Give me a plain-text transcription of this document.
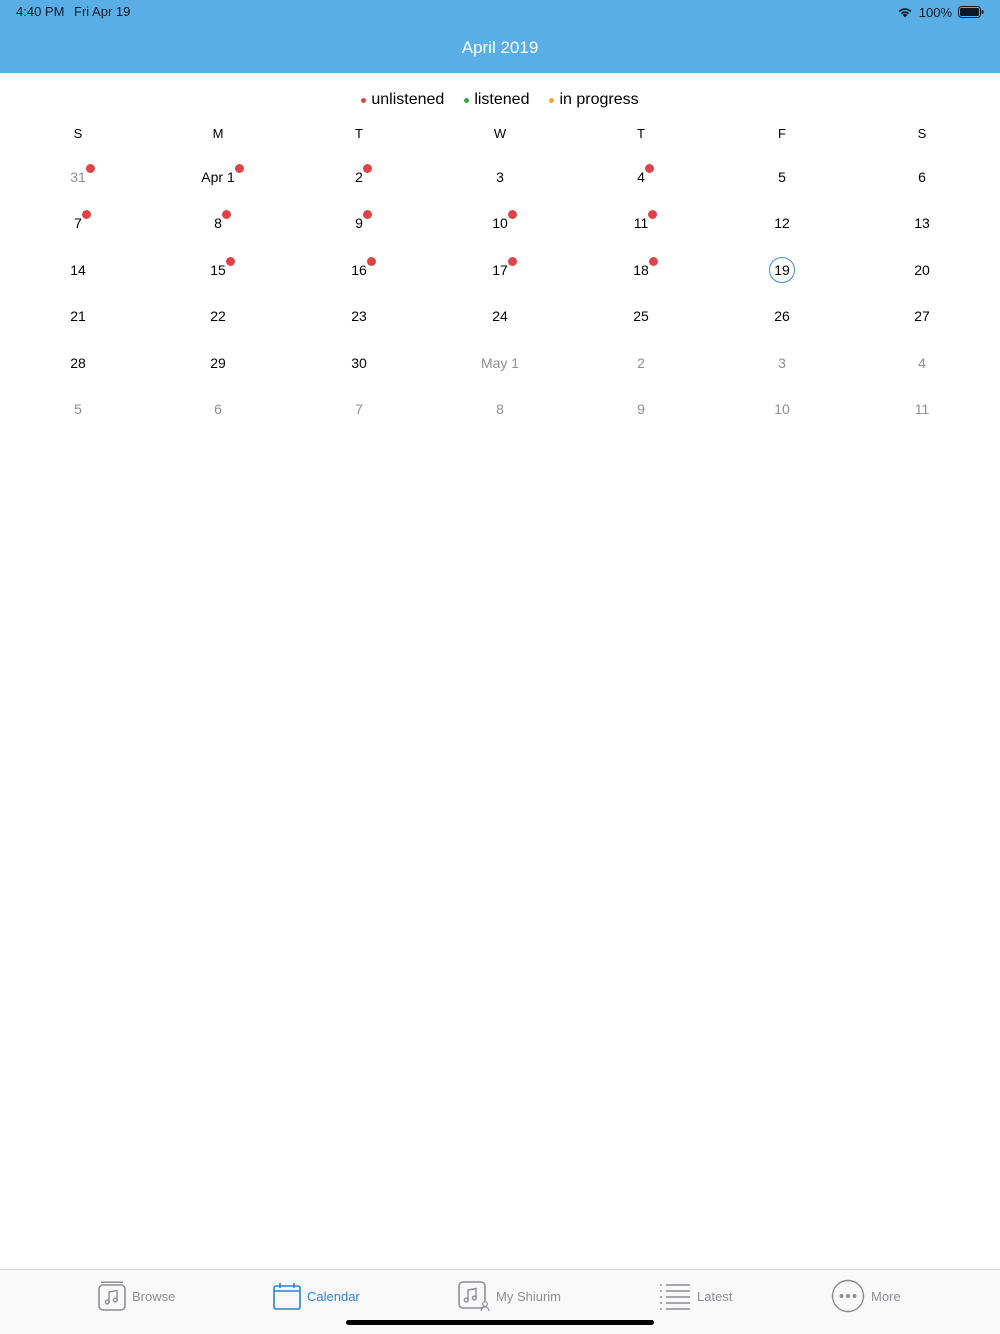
4:40 PM Fri Apr 19	100%
April 2019
unlistened listened in progress
S	M	T	W	T	F	S
31	Apr 1	2	3	4	5	6
7	8	9	10	11	12	13
14	15	16	17	18	19	20
21	22	23	24	25	26	27
28	29	30	May 1	2	3	4
5	6	7	8	9	10	11
Browse	Calendar	My Shiurim	Latest	More
